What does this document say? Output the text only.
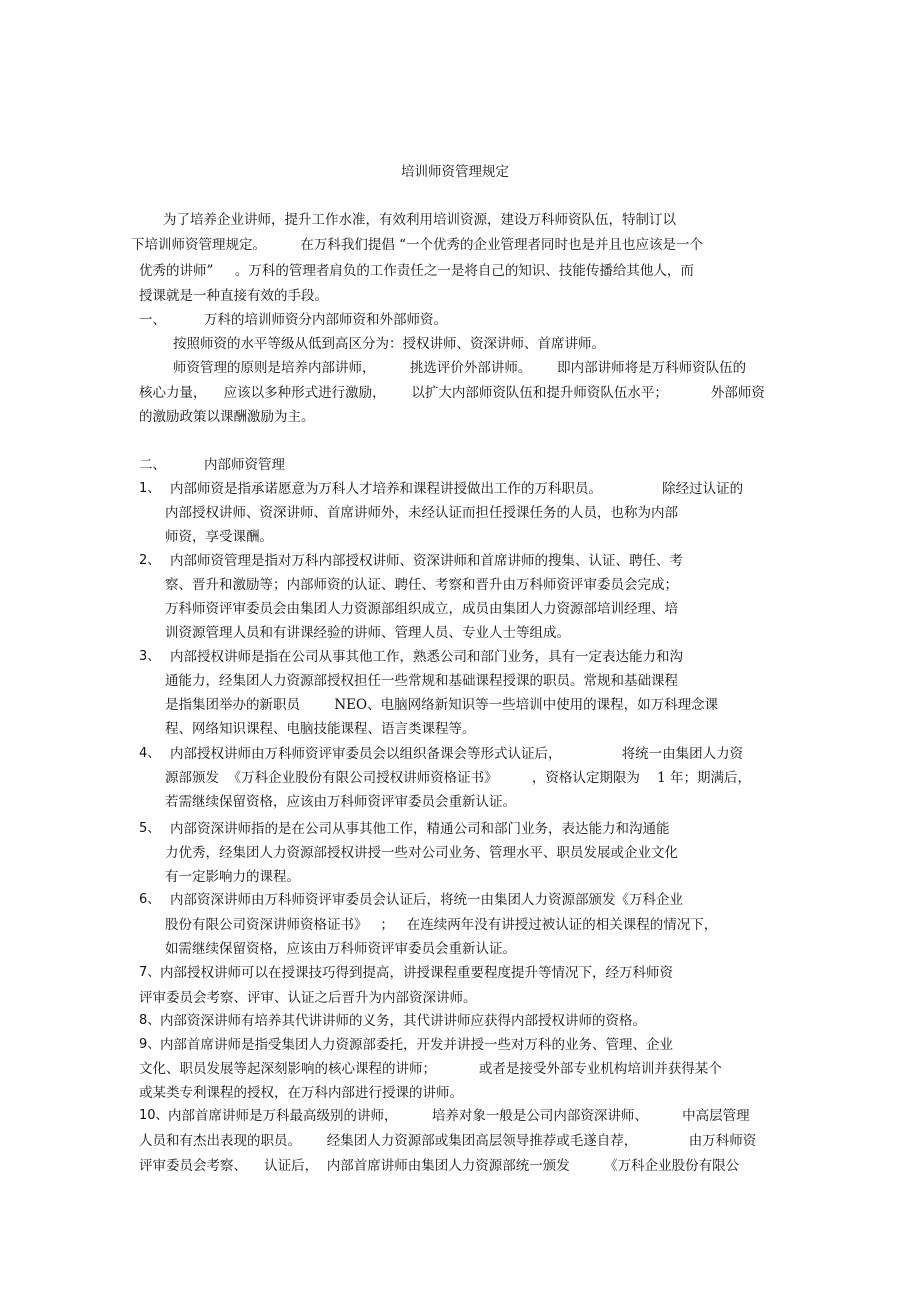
培训师资管理规定
为了培养企业讲师，提升工作水准，有效利用培训资源，建设万科师资队伍，特制订以
下培训师资管理规定。        在万科我们提倡 “一个优秀的企业管理者同时也是并且也应该是一个
优秀的讲师”     。万科的管理者肩负的工作责任之一是将自己的知识、技能传播给其他人，而
授课就是一种直接有效的手段。
一、	万科的培训师资分内部师资和外部师资。
按照师资的水平等级从低到高区分为：授权讲师、资深讲师、首席讲师。
师资管理的原则是培养内部讲师，        挑选评价外部讲师。      即内部讲师将是万科师资队伍的
核心力量，    应该以多种形式进行激励，      以扩大内部师资队伍和提升师资队伍水平；          外部师资
的激励政策以课酬激励为主。
二、	内部师资管理
1、 内部师资是指承诺愿意为万科人才培养和课程讲授做出工作的万科职员。              除经过认证的
内部授权讲师、资深讲师、首席讲师外，未经认证而担任授课任务的人员，也称为内部
师资，享受课酬。
2、 内部师资管理是指对万科内部授权讲师、资深讲师和首席讲师的搜集、认证、聘任、考
察、晋升和激励等；内部师资的认证、聘任、考察和晋升由万科师资评审委员会完成；
万科师资评审委员会由集团人力资源部组织成立，成员由集团人力资源部培训经理、培
训资源管理人员和有讲课经验的讲师、管理人员、专业人士等组成。
3、 内部授权讲师是指在公司从事其他工作，熟悉公司和部门业务，具有一定表达能力和沟
通能力，经集团人力资源部授权担任一些常规和基础课程授课的职员。常规和基础课程
是指集团举办的新职员        NEO、电脑网络新知识等一些培训中使用的课程，如万科理念课
程、网络知识课程、电脑技能课程、语言类课程等。
4、 内部授权讲师由万科师资评审委员会以组织备课会等形式认证后，              将统一由集团人力资
源部颁发  《万科企业股份有限公司授权讲师资格证书》        ，资格认定期限为    1 年；期满后，
若需继续保留资格，应该由万科师资评审委员会重新认证。
5、 内部资深讲师指的是在公司从事其他工作，精通公司和部门业务，表达能力和沟通能
力优秀，经集团人力资源部授权讲授一些对公司业务、管理水平、职员发展或企业文化
有一定影响力的课程。
6、 内部资深讲师由万科师资评审委员会认证后，将统一由集团人力资源部颁发《万科企业
股份有限公司资深讲师资格证书》   ；   在连续两年没有讲授过被认证的相关课程的情况下，
如需继续保留资格，应该由万科师资评审委员会重新认证。
7、 内部授权讲师可以在授课技巧得到提高，讲授课程重要程度提升等情况下，经万科师资
评审委员会考察、评审、认证之后晋升为内部资深讲师。
8、 内部资深讲师有培养其代讲讲师的义务，其代讲讲师应获得内部授权讲师的资格。
9、 内部首席讲师是指受集团人力资源部委托，开发并讲授一些对万科的业务、管理、企业
文化、职员发展等起深刻影响的核心课程的讲师；          或者是接受外部专业机构培训并获得某个
或某类专利课程的授权，在万科内部进行授课的讲师。
10、 内部首席讲师是万科最高级别的讲师，        培养对象一般是公司内部资深讲师、        中高层管理
人员和有杰出表现的职员。      经集团人力资源部或集团高层领导推荐或毛遂自荐，            由万科师资
评审委员会考察、    认证后，  内部首席讲师由集团人力资源部统一颁发        《万科企业股份有限公
